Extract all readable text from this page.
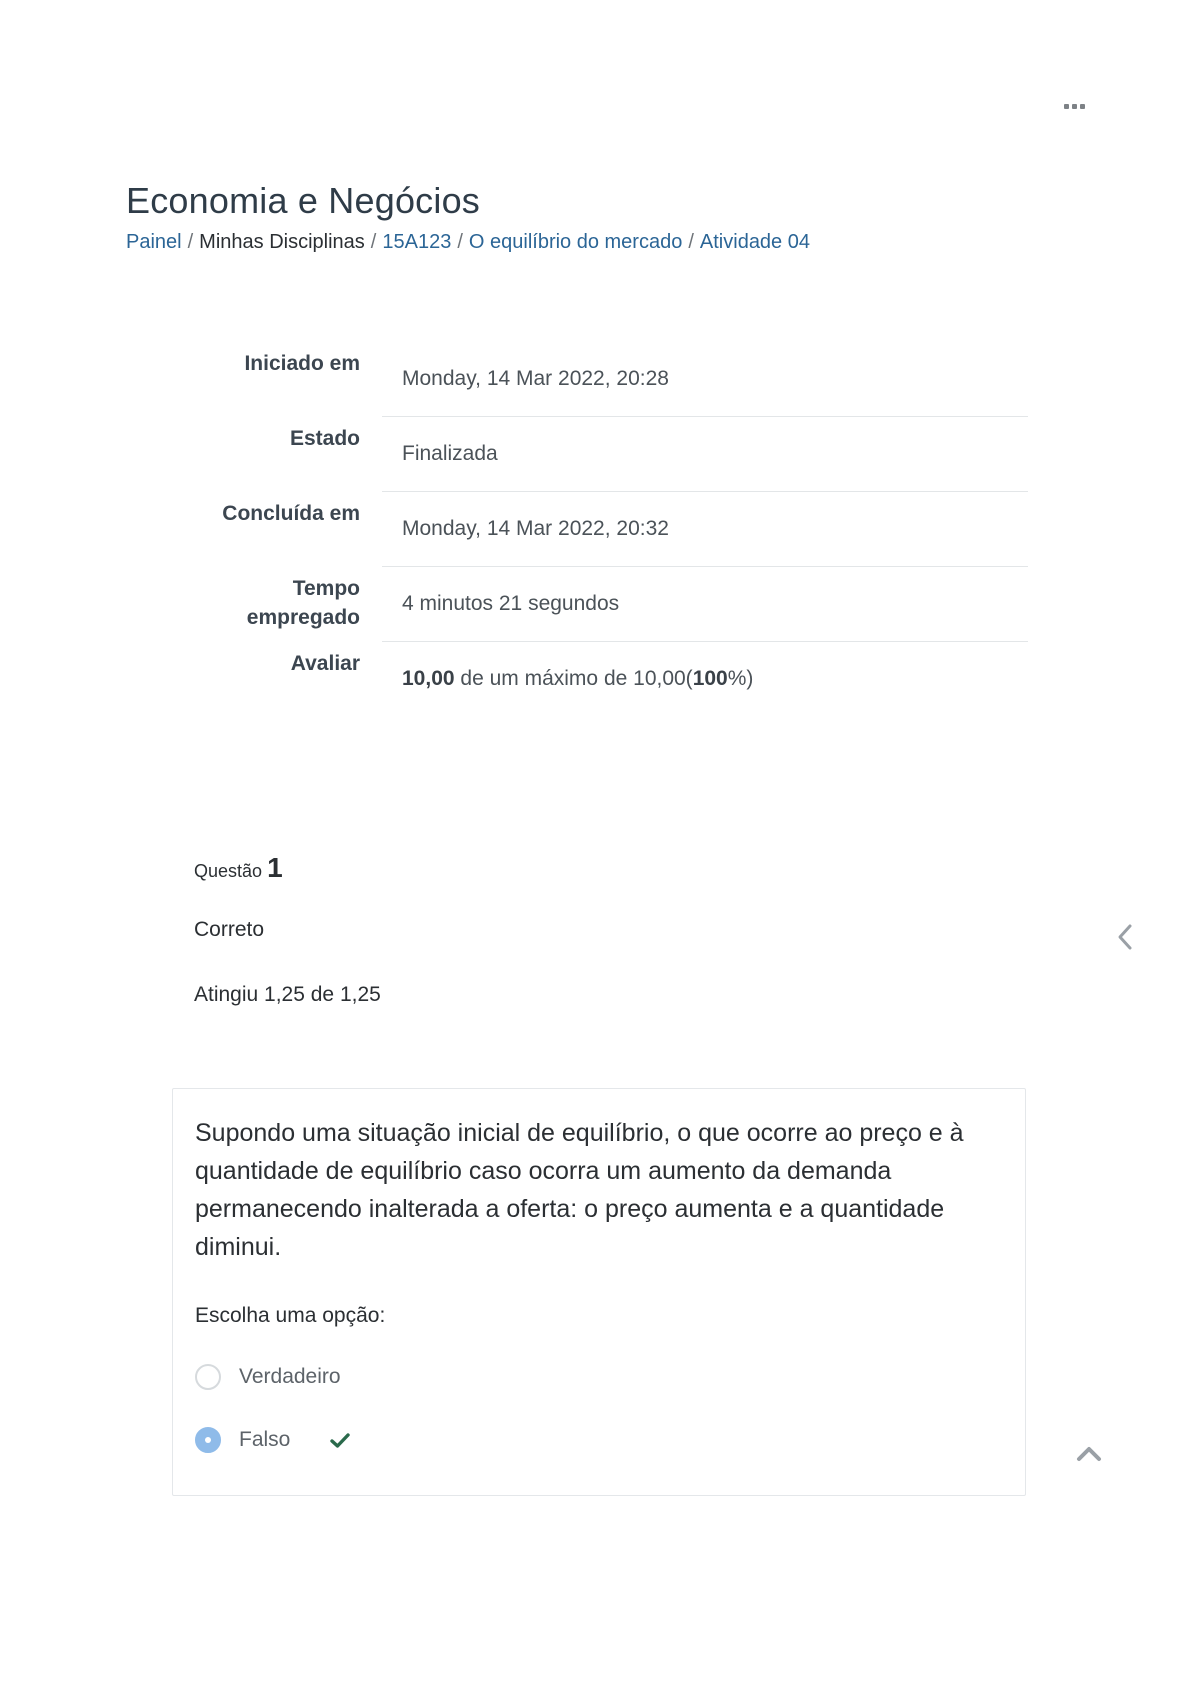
Economia e Negócios
Painel / Minhas Disciplinas / 15A123 / O equilíbrio do mercado / Atividade 04
Iniciado em
Monday, 14 Mar 2022, 20:28
Estado
Finalizada
Concluída em
Monday, 14 Mar 2022, 20:32
Tempo
empregado
4 minutos 21 segundos
Avaliar
10,00 de um máximo de 10,00(100%)
Questão 1
Correto
Atingiu 1,25 de 1,25
Supondo uma situação inicial de equilíbrio, o que ocorre ao preço e à quantidade de equilíbrio caso ocorra um aumento da demanda permanecendo inalterada a oferta: o preço aumenta e a quantidade diminui.
Escolha uma opção:
Verdadeiro
Falso
